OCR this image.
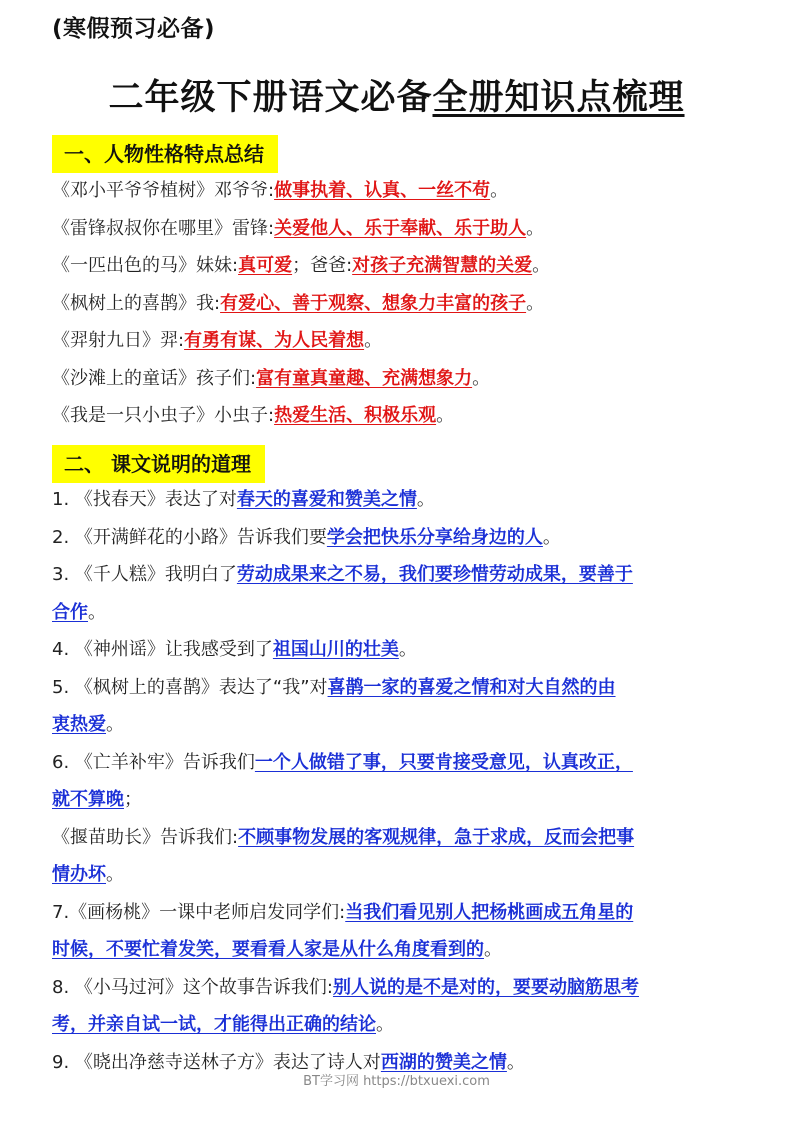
(寒假预习必备)
二年级下册语文必备全册知识点梳理
一、人物性格特点总结
《邓小平爷爷植树》邓爷爷:做事执着、认真、一丝不苟。
《雷锋叔叔你在哪里》雷锋:关爱他人、乐于奉献、乐于助人。
《一匹出色的马》妹妹:真可爱；爸爸:对孩子充满智慧的关爱。
《枫树上的喜鹊》我:有爱心、善于观察、想象力丰富的孩子。
《羿射九日》羿:有勇有谋、为人民着想。
《沙滩上的童话》孩子们:富有童真童趣、充满想象力。
《我是一只小虫子》小虫子:热爱生活、积极乐观。
二、 课文说明的道理
1. 《找春天》表达了对春天的喜爱和赞美之情。
2. 《开满鲜花的小路》告诉我们要学会把快乐分享给身边的人。
3. 《千人糕》我明白了劳动成果来之不易，我们要珍惜劳动成果，要善于
合作。
4. 《神州谣》让我感受到了祖国山川的壮美。
5. 《枫树上的喜鹊》表达了“我”对喜鹊一家的喜爱之情和对大自然的由
衷热爱。
6. 《亡羊补牢》告诉我们一个人做错了事，只要肯接受意见，认真改正，
就不算晚；
《揠苗助长》告诉我们:不顾事物发展的客观规律，急于求成，反而会把事
情办坏。
7.《画杨桃》一课中老师启发同学们:当我们看见别人把杨桃画成五角星的
时候，不要忙着发笑，要看看人家是从什么角度看到的。
8. 《小马过河》这个故事告诉我们:别人说的是不是对的，要要动脑筋思考
考，并亲自试一试，才能得出正确的结论。
9. 《晓出净慈寺送林子方》表达了诗人对西湖的赞美之情。
BT学习网 https://btxuexi.com
